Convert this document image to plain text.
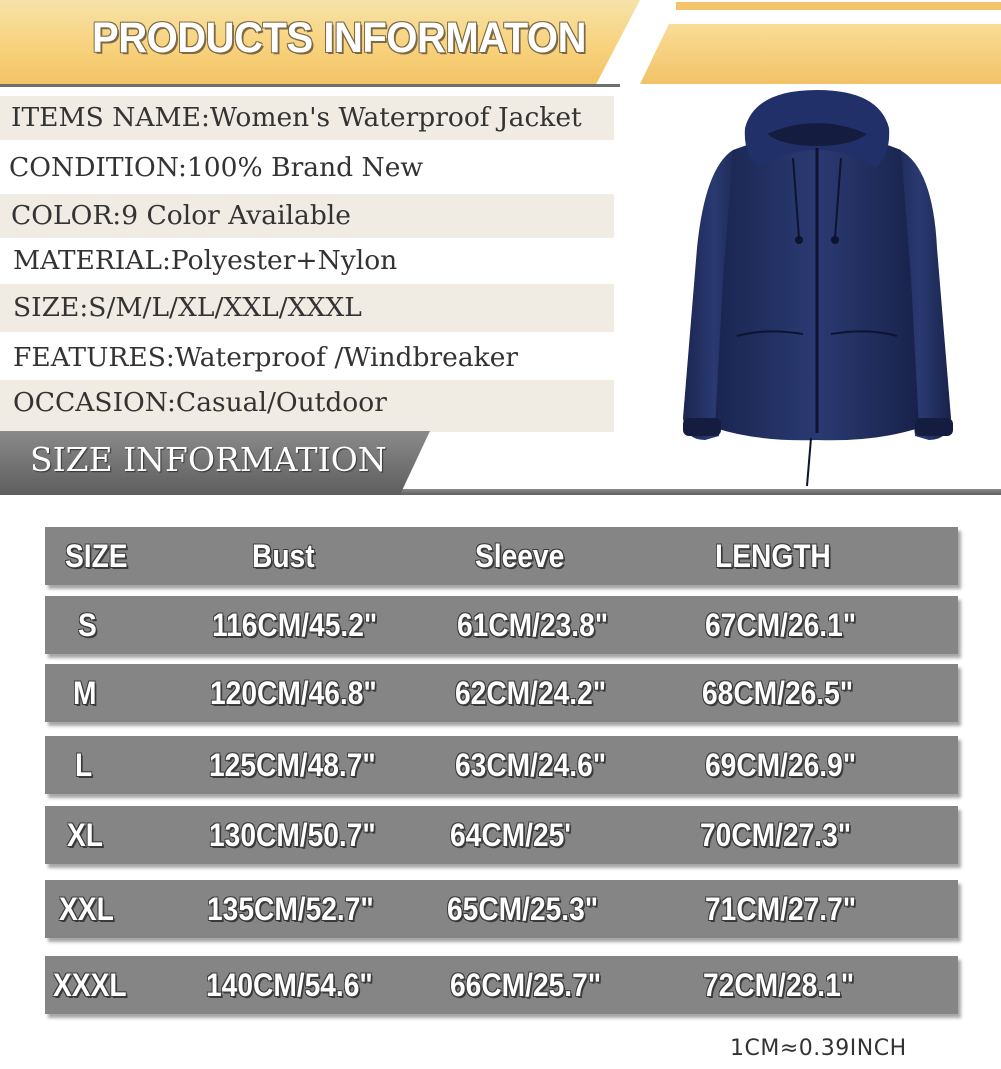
PRODUCTS INFORMATON
ITEMS NAME:Women's Waterproof Jacket
CONDITION:100% Brand New
COLOR:9 Color Available
MATERIAL:Polyester+Nylon
SIZE:S/M/L/XL/XXL/XXXL
FEATURES:Waterproof /Windbreaker
OCCASION:Casual/Outdoor
SIZE INFORMATION
SIZE	Bust	Sleeve	LENGTH
S	116CM/45.2" 61CM/23.8"	67CM/26.1"
M	120CM/46.8" 62CM/24.2"	68CM/26.5"
L	125CM/48.7" 63CM/24.6"	69CM/26.9"
XL	130CM/50.7" 64CM/25'	70CM/27.3"
XXL	135CM/52.7" 65CM/25.3"	71CM/27.7"
XXXL 140CM/54.6" 66CM/25.7"	72CM/28.1"
1CM≈0.39INCH
